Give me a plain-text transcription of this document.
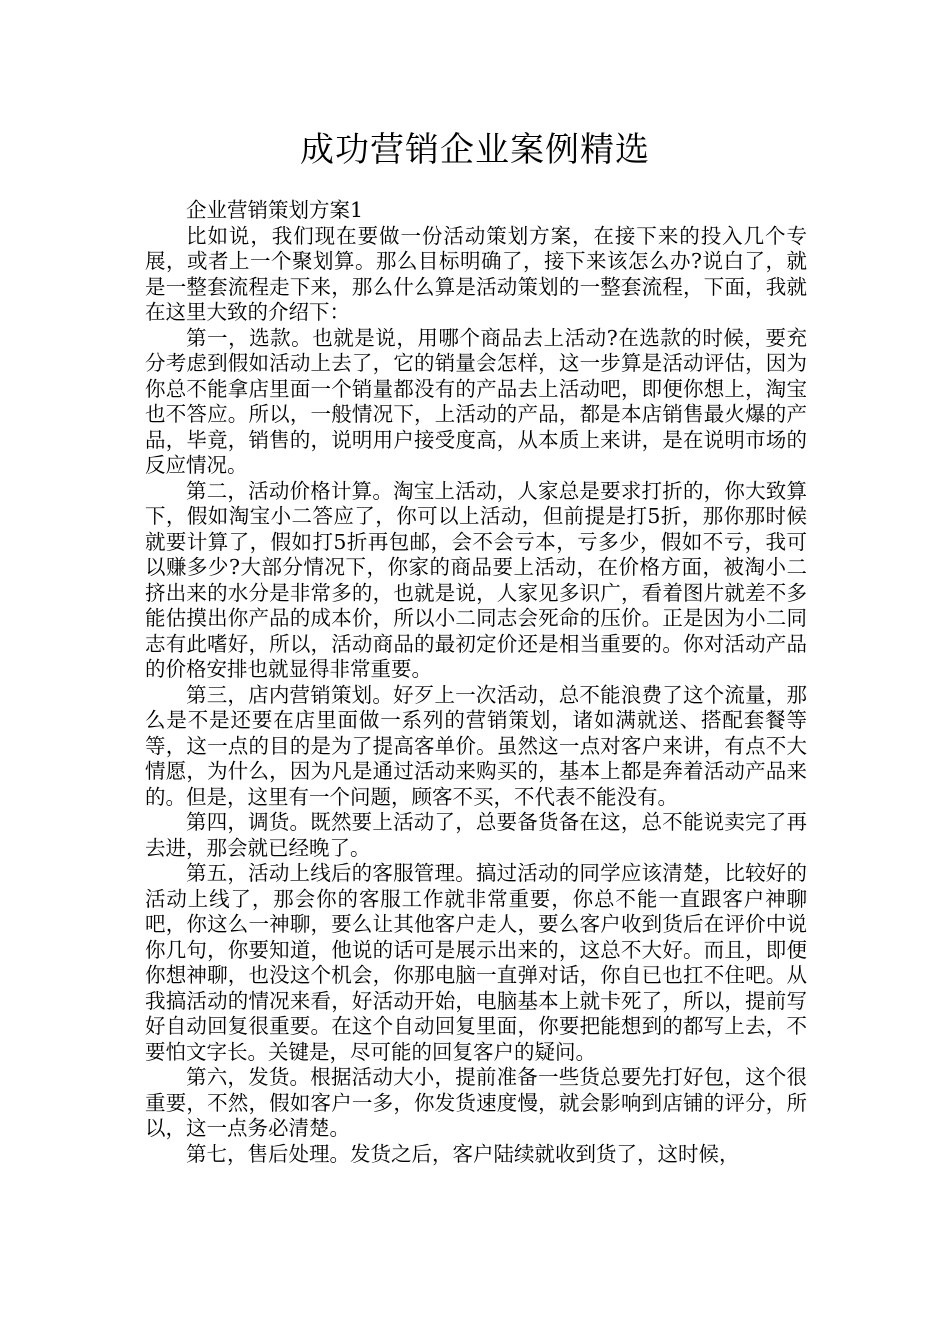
成功营销企业案例精选

企业营销策划方案1

比如说，我们现在要做一份活动策划方案，在接下来的投入几个专展，或者上一个聚划算。那么目标明确了，接下来该怎么办?说白了，就是一整套流程走下来，那么什么算是活动策划的一整套流程，下面，我就在这里大致的介绍下：

第一，选款。也就是说，用哪个商品去上活动?在选款的时候，要充分考虑到假如活动上去了，它的销量会怎样，这一步算是活动评估，因为你总不能拿店里面一个销量都没有的产品去上活动吧，即便你想上，淘宝也不答应。所以，一般情况下，上活动的产品，都是本店销售最火爆的产品，毕竟，销售的，说明用户接受度高，从本质上来讲，是在说明市场的反应情况。

第二，活动价格计算。淘宝上活动，人家总是要求打折的，你大致算下，假如淘宝小二答应了，你可以上活动，但前提是打5折，那你那时候就要计算了，假如打5折再包邮，会不会亏本，亏多少，假如不亏，我可以赚多少?大部分情况下，你家的商品要上活动，在价格方面，被淘小二挤出来的水分是非常多的，也就是说，人家见多识广，看着图片就差不多能估摸出你产品的成本价，所以小二同志会死命的压价。正是因为小二同志有此嗜好，所以，活动商品的最初定价还是相当重要的。你对活动产品的价格安排也就显得非常重要。

第三，店内营销策划。好歹上一次活动，总不能浪费了这个流量，那么是不是还要在店里面做一系列的营销策划，诸如满就送、搭配套餐等等，这一点的目的是为了提高客单价。虽然这一点对客户来讲，有点不大情愿，为什么，因为凡是通过活动来购买的，基本上都是奔着活动产品来的。但是，这里有一个问题，顾客不买，不代表不能没有。

第四，调货。既然要上活动了，总要备货备在这，总不能说卖完了再去进，那会就已经晚了。

第五，活动上线后的客服管理。搞过活动的同学应该清楚，比较好的活动上线了，那会你的客服工作就非常重要，你总不能一直跟客户神聊吧，你这么一神聊，要么让其他客户走人，要么客户收到货后在评价中说你几句，你要知道，他说的话可是展示出来的，这总不大好。而且，即便你想神聊，也没这个机会，你那电脑一直弹对话，你自已也扛不住吧。从我搞活动的情况来看，好活动开始，电脑基本上就卡死了，所以，提前写好自动回复很重要。在这个自动回复里面，你要把能想到的都写上去，不要怕文字长。关键是，尽可能的回复客户的疑问。

第六，发货。根据活动大小，提前准备一些货总要先打好包，这个很重要，不然，假如客户一多，你发货速度慢，就会影响到店铺的评分，所以，这一点务必清楚。

第七，售后处理。发货之后，客户陆续就收到货了，这时候，
